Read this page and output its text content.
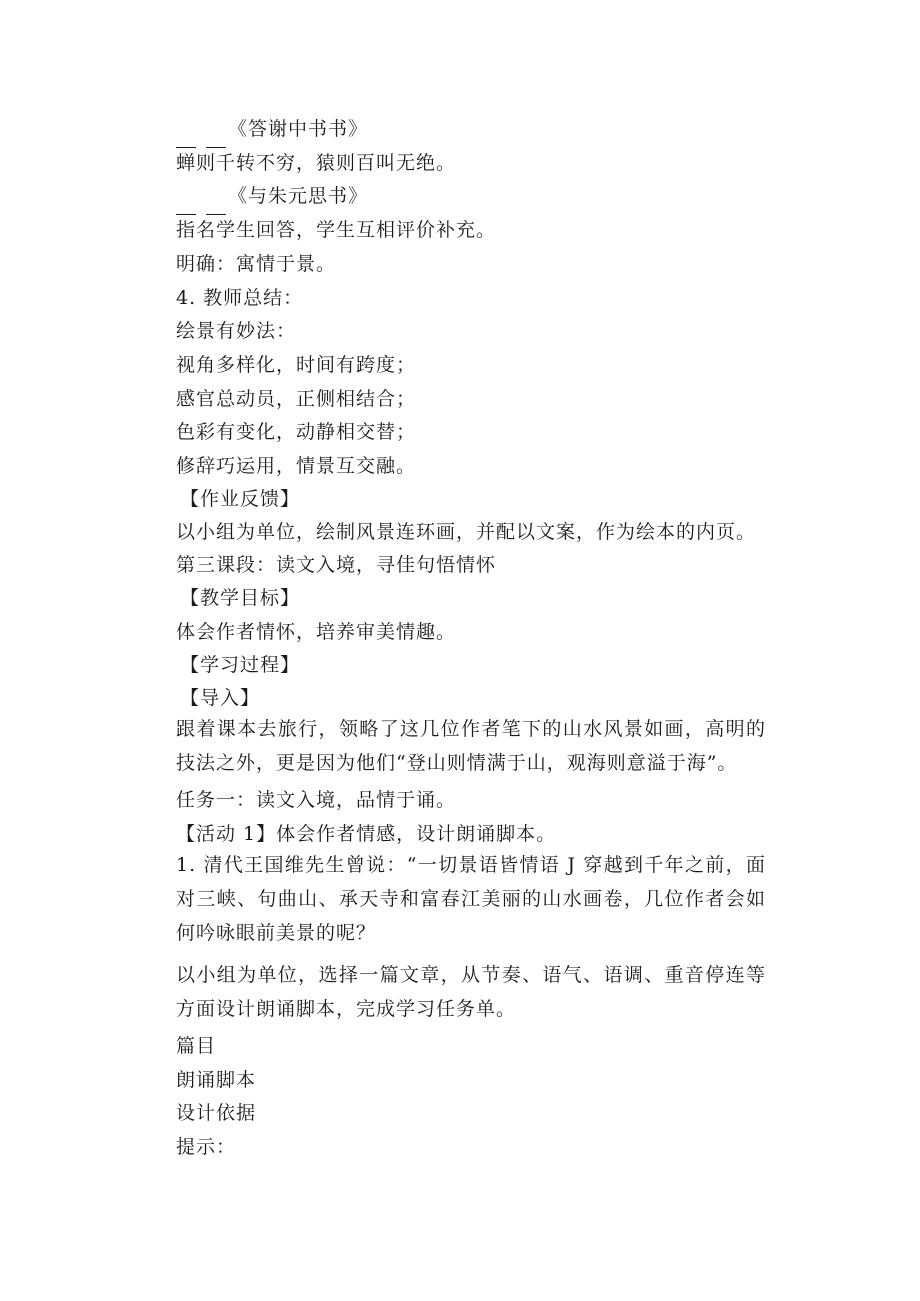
《答谢中书书》
蝉则千转不穷，猿则百叫无绝。
《与朱元思书》
指名学生回答，学生互相评价补充。
明确：寓情于景。
4. 教师总结：
绘景有妙法：
视角多样化，时间有跨度；
感官总动员，正侧相结合；
色彩有变化，动静相交替；
修辞巧运用，情景互交融。
【作业反馈】
以小组为单位，绘制风景连环画，并配以文案，作为绘本的内页。
第三课段：读文入境，寻佳句悟情怀
【教学目标】
体会作者情怀，培养审美情趣。
【学习过程】
【导入】
跟着课本去旅行，领略了这几位作者笔下的山水风景如画，高明的技法之外，更是因为他们“登山则情满于山，观海则意溢于海”。
任务一：读文入境，品情于诵。
【活动 1】体会作者情感，设计朗诵脚本。
1. 清代王国维先生曾说：“一切景语皆情语 J 穿越到千年之前，面对三峡、句曲山、承天寺和富春江美丽的山水画卷，几位作者会如何吟咏眼前美景的呢？
以小组为单位，选择一篇文章，从节奏、语气、语调、重音停连等方面设计朗诵脚本，完成学习任务单。
篇目
朗诵脚本
设计依据
提示：
